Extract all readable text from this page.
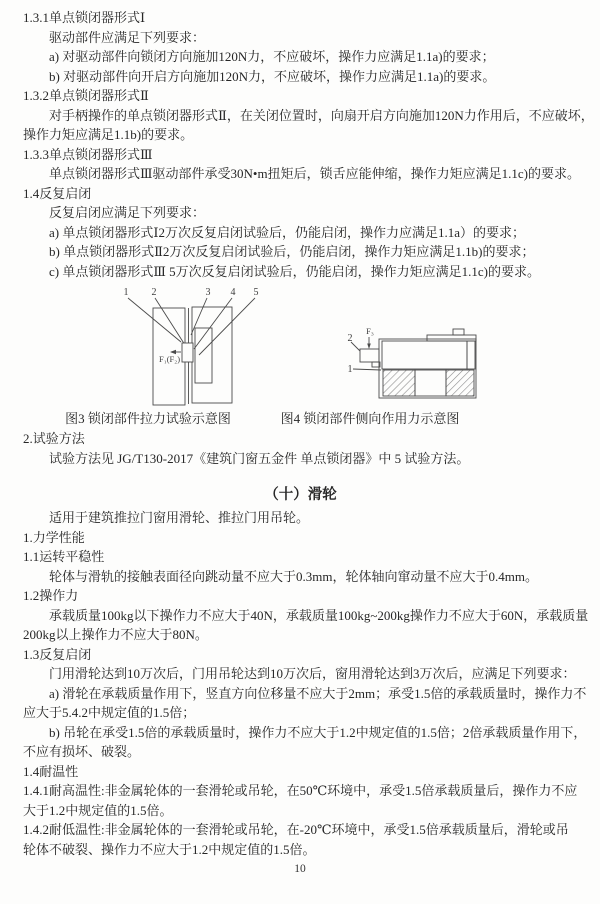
1.3.1单点锁闭器形式Ⅰ
驱动部件应满足下列要求：
a) 对驱动部件向锁闭方向施加120N力，不应破坏，操作力应满足1.1a)的要求；
b) 对驱动部件向开启方向施加120N力，不应破坏，操作力应满足1.1a)的要求。
1.3.2单点锁闭器形式Ⅱ
对手柄操作的单点锁闭器形式Ⅱ，在关闭位置时，向扇开启方向施加120N力作用后，不应破坏，
操作力矩应满足1.1b)的要求。
1.3.3单点锁闭器形式Ⅲ
单点锁闭器形式Ⅲ驱动部件承受30N•m扭矩后，锁舌应能伸缩，操作力矩应满足1.1c)的要求。
1.4反复启闭
反复启闭应满足下列要求：
a) 单点锁闭器形式Ⅰ2万次反复启闭试验后，仍能启闭，操作力应满足1.1a）的要求；
b) 单点锁闭器形式Ⅱ2万次反复启闭试验后，仍能启闭，操作力矩应满足1.1b)的要求；
c) 单点锁闭器形式Ⅲ 5万次反复启闭试验后，仍能启闭，操作力矩应满足1.1c)的要求。
1 2	3 4 5
F₁(F₂)
2
1
F₃
图3 锁闭部件拉力试验示意图	图4 锁闭部件侧向作用力示意图
2.试验方法
试验方法见 JG/T130-2017《建筑门窗五金件 单点锁闭器》中 5 试验方法。
（十）滑轮
适用于建筑推拉门窗用滑轮、推拉门用吊轮。
1.力学性能
1.1运转平稳性
轮体与滑轨的接触表面径向跳动量不应大于0.3mm，轮体轴向窜动量不应大于0.4mm。
1.2操作力
承载质量100kg以下操作力不应大于40N，承载质量100kg~200kg操作力不应大于60N，承载质量
200kg以上操作力不应大于80N。
1.3反复启闭
门用滑轮达到10万次后，门用吊轮达到10万次后，窗用滑轮达到3万次后，应满足下列要求：
a) 滑轮在承载质量作用下，竖直方向位移量不应大于2mm；承受1.5倍的承载质量时，操作力不
应大于5.4.2中规定值的1.5倍；
b) 吊轮在承受1.5倍的承载质量时，操作力不应大于1.2中规定值的1.5倍；2倍承载质量作用下，
不应有损坏、破裂。
1.4耐温性
1.4.1耐高温性:非金属轮体的一套滑轮或吊轮，在50℃环境中，承受1.5倍承载质量后，操作力不应
大于1.2中规定值的1.5倍。
1.4.2耐低温性:非金属轮体的一套滑轮或吊轮，在-20℃环境中，承受1.5倍承载质量后，滑轮或吊
轮体不破裂、操作力不应大于1.2中规定值的1.5倍。
10
